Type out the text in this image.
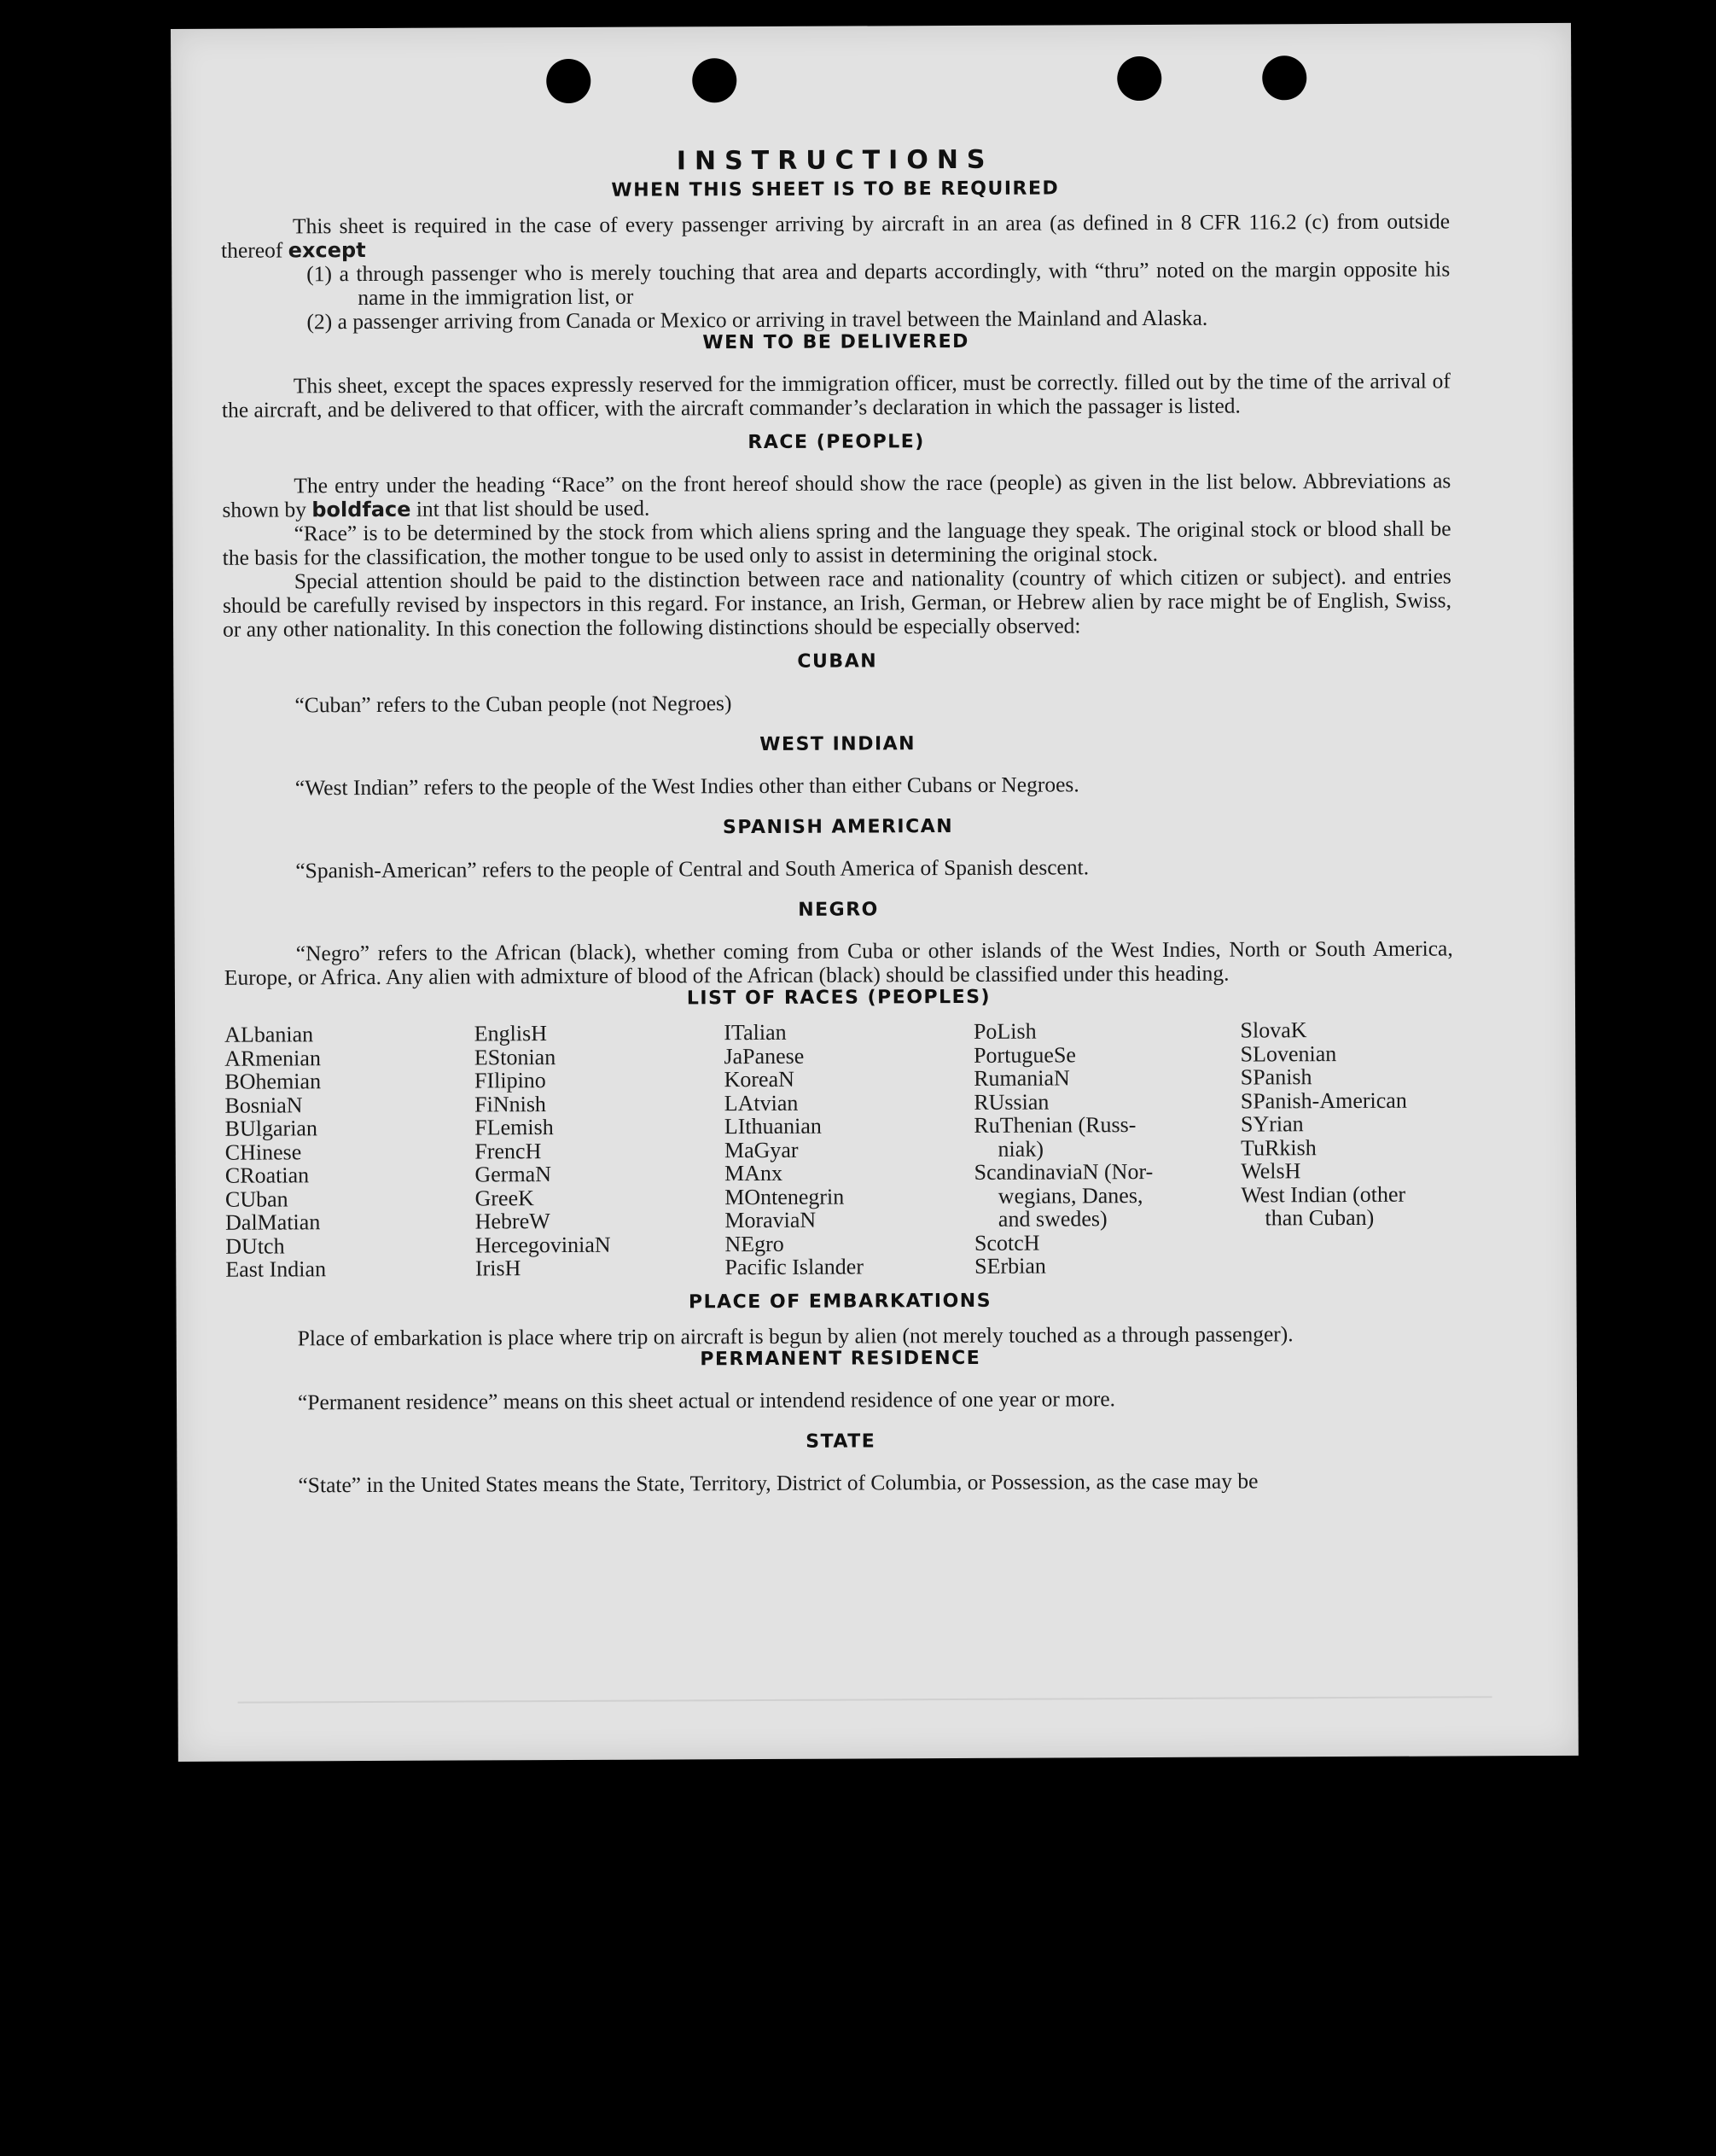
INSTRUCTIONS
WHEN THIS SHEET IS TO BE REQUIRED

This sheet is required in the case of every passenger arriving by aircraft in an area (as defined in 8 CFR 116.2 (c) from outside thereof except

(1) a through passenger who is merely touching that area and departs accordingly, with “thru” noted on the margin opposite his name in the immigration list, or
(2) a passenger arriving from Canada or Mexico or arriving in travel between the Mainland and Alaska.
WEN TO BE DELIVERED

This sheet, except the spaces expressly reserved for the immigration officer, must be correctly. filled out by the time of the arrival of the aircraft, and be delivered to that officer, with the aircraft commander’s declaration in which the passager is listed.

RACE (PEOPLE)

The entry under the heading “Race” on the front hereof should show the race (people) as given in the list below. Abbreviations as shown by boldface int that list should be used.

“Race” is to be determined by the stock from which aliens spring and the language they speak. The original stock or blood shall be the basis for the classification, the mother tongue to be used only to assist in determining the original stock.

Special attention should be paid to the distinction between race and nationality (country of which citizen or subject). and entries should be carefully revised by inspectors in this regard. For instance, an Irish, German, or Hebrew alien by race might be of English, Swiss, or any other nationality. In this conection the following distinctions should be especially observed:

CUBAN

“Cuban” refers to the Cuban people (not Negroes)

WEST INDIAN

“West Indian” refers to the people of the West Indies other than either Cubans or Negroes.

SPANISH AMERICAN

“Spanish-American” refers to the people of Central and South America of Spanish descent.

NEGRO

“Negro” refers to the African (black), whether coming from Cuba or other islands of the West Indies, North or South America, Europe, or Africa. Any alien with admixture of blood of the African (black) should be classified under this heading.

LIST OF RACES (PEOPLES)
ALbanian
ARmenian
BOhemian
BosniaN
BUlgarian
CHinese
CRoatian
CUban
DalMatian
DUtch
East Indian
EnglisH
EStonian
FIlipino
FiNnish
FLemish
FrencH
GermaN
GreeK
HebreW
HercegoviniaN
IrisH
ITalian
JaPanese
KoreaN
LAtvian
LIthuanian
MaGyar
MAnx
MOntenegrin
MoraviaN
NEgro
Pacific Islander
PoLish
PortugueSe
RumaniaN
RUssian
RuThenian (Russ-
niak)
ScandinaviaN (Nor-
wegians, Danes,
and swedes)
ScotcH
SErbian
SlovaK
SLovenian
SPanish
SPanish-American
SYrian
TuRkish
WelsH
West Indian (other
than Cuban)
PLACE OF EMBARKATIONS

Place of embarkation is place where trip on aircraft is begun by alien (not merely touched as a through passenger).

PERMANENT RESIDENCE

“Permanent residence” means on this sheet actual or intendend residence of one year or more.

STATE

“State” in the United States means the State, Territory, District of Columbia, or Possession, as the case may be
